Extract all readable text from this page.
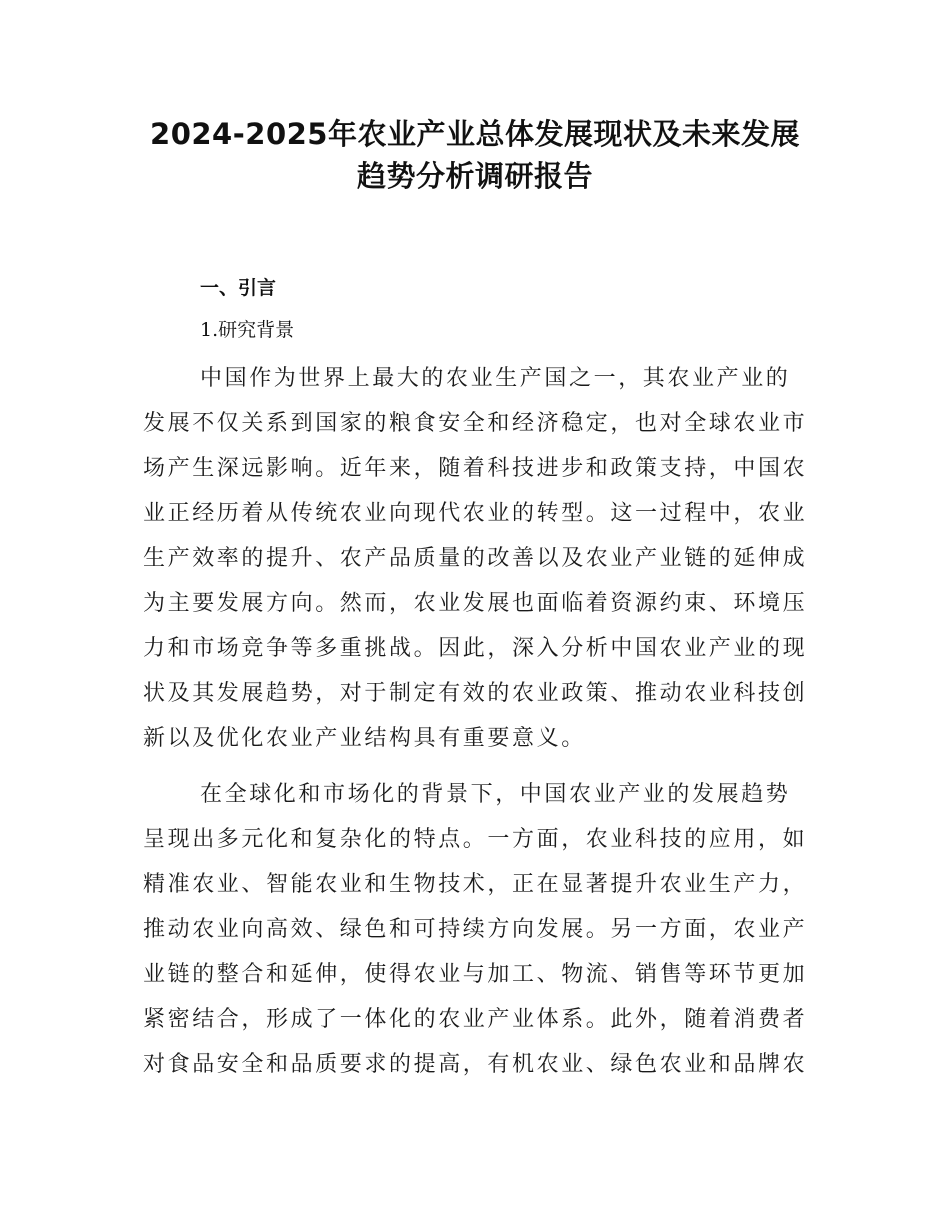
2024-2025年农业产业总体发展现状及未来发展
趋势分析调研报告
一、引言
1.研究背景
中国作为世界上最大的农业生产国之一，其农业产业的
发展不仅关系到国家的粮食安全和经济稳定，也对全球农业市
场产生深远影响。近年来，随着科技进步和政策支持，中国农
业正经历着从传统农业向现代农业的转型。这一过程中，农业
生产效率的提升、农产品质量的改善以及农业产业链的延伸成
为主要发展方向。然而，农业发展也面临着资源约束、环境压
力和市场竞争等多重挑战。因此，深入分析中国农业产业的现
状及其发展趋势，对于制定有效的农业政策、推动农业科技创
新以及优化农业产业结构具有重要意义。
在全球化和市场化的背景下，中国农业产业的发展趋势
呈现出多元化和复杂化的特点。一方面，农业科技的应用，如
精准农业、智能农业和生物技术，正在显著提升农业生产力，
推动农业向高效、绿色和可持续方向发展。另一方面，农业产
业链的整合和延伸，使得农业与加工、物流、销售等环节更加
紧密结合，形成了一体化的农业产业体系。此外，随着消费者
对食品安全和品质要求的提高，有机农业、绿色农业和品牌农
